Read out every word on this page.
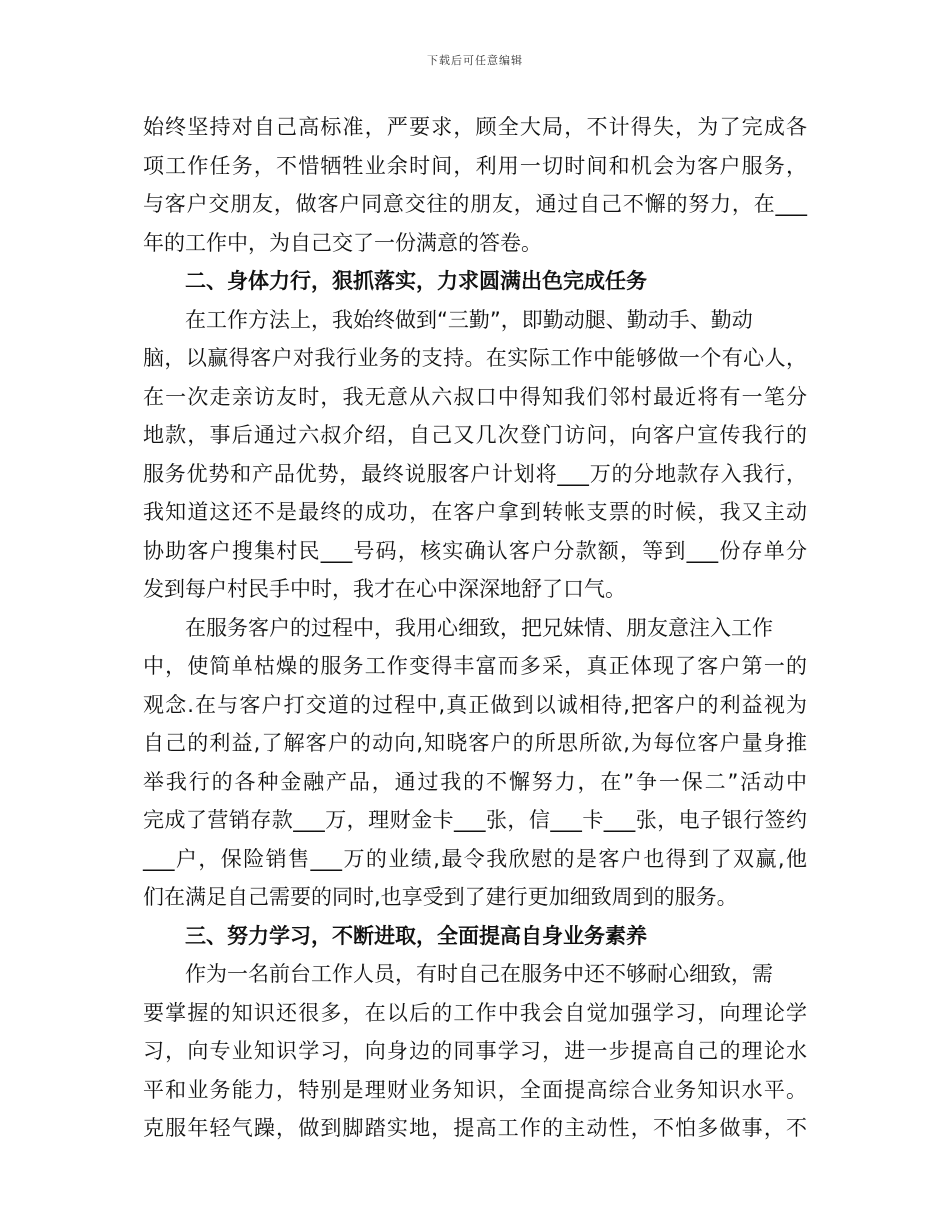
下载后可任意编辑
始终坚持对自己高标准，严要求，顾全大局，不计得失，为了完成各
项工作任务，不惜牺牲业余时间，利用一切时间和机会为客户服务，
与客户交朋友，做客户同意交往的朋友，通过自己不懈的努力，在___
年的工作中，为自己交了一份满意的答卷。
二、身体力行，狠抓落实，力求圆满出色完成任务
在工作方法上，我始终做到“三勤”，即勤动腿、勤动手、勤动
脑，以赢得客户对我行业务的支持。在实际工作中能够做一个有心人，
在一次走亲访友时，我无意从六叔口中得知我们邻村最近将有一笔分
地款，事后通过六叔介绍，自己又几次登门访问，向客户宣传我行的
服务优势和产品优势，最终说服客户计划将___万的分地款存入我行，
我知道这还不是最终的成功，在客户拿到转帐支票的时候，我又主动
协助客户搜集村民___号码，核实确认客户分款额，等到___份存单分
发到每户村民手中时，我才在心中深深地舒了口气。
在服务客户的过程中，我用心细致，把兄妹情、朋友意注入工作
中，使简单枯燥的服务工作变得丰富而多采，真正体现了客户第一的
观念.在与客户打交道的过程中,真正做到以诚相待,把客户的利益视为
自己的利益,了解客户的动向,知晓客户的所思所欲,为每位客户量身推
举我行的各种金融产品，通过我的不懈努力，在”争一保二”活动中
完成了营销存款___万，理财金卡___张，信___卡___张，电子银行签约
___户，保险销售___万的业绩,最令我欣慰的是客户也得到了双赢,他
们在满足自己需要的同时,也享受到了建行更加细致周到的服务。
三、努力学习，不断进取，全面提高自身业务素养
作为一名前台工作人员，有时自己在服务中还不够耐心细致，需
要掌握的知识还很多，在以后的工作中我会自觉加强学习，向理论学
习，向专业知识学习，向身边的同事学习，进一步提高自己的理论水
平和业务能力，特别是理财业务知识，全面提高综合业务知识水平。
克服年轻气躁，做到脚踏实地，提高工作的主动性，不怕多做事，不
